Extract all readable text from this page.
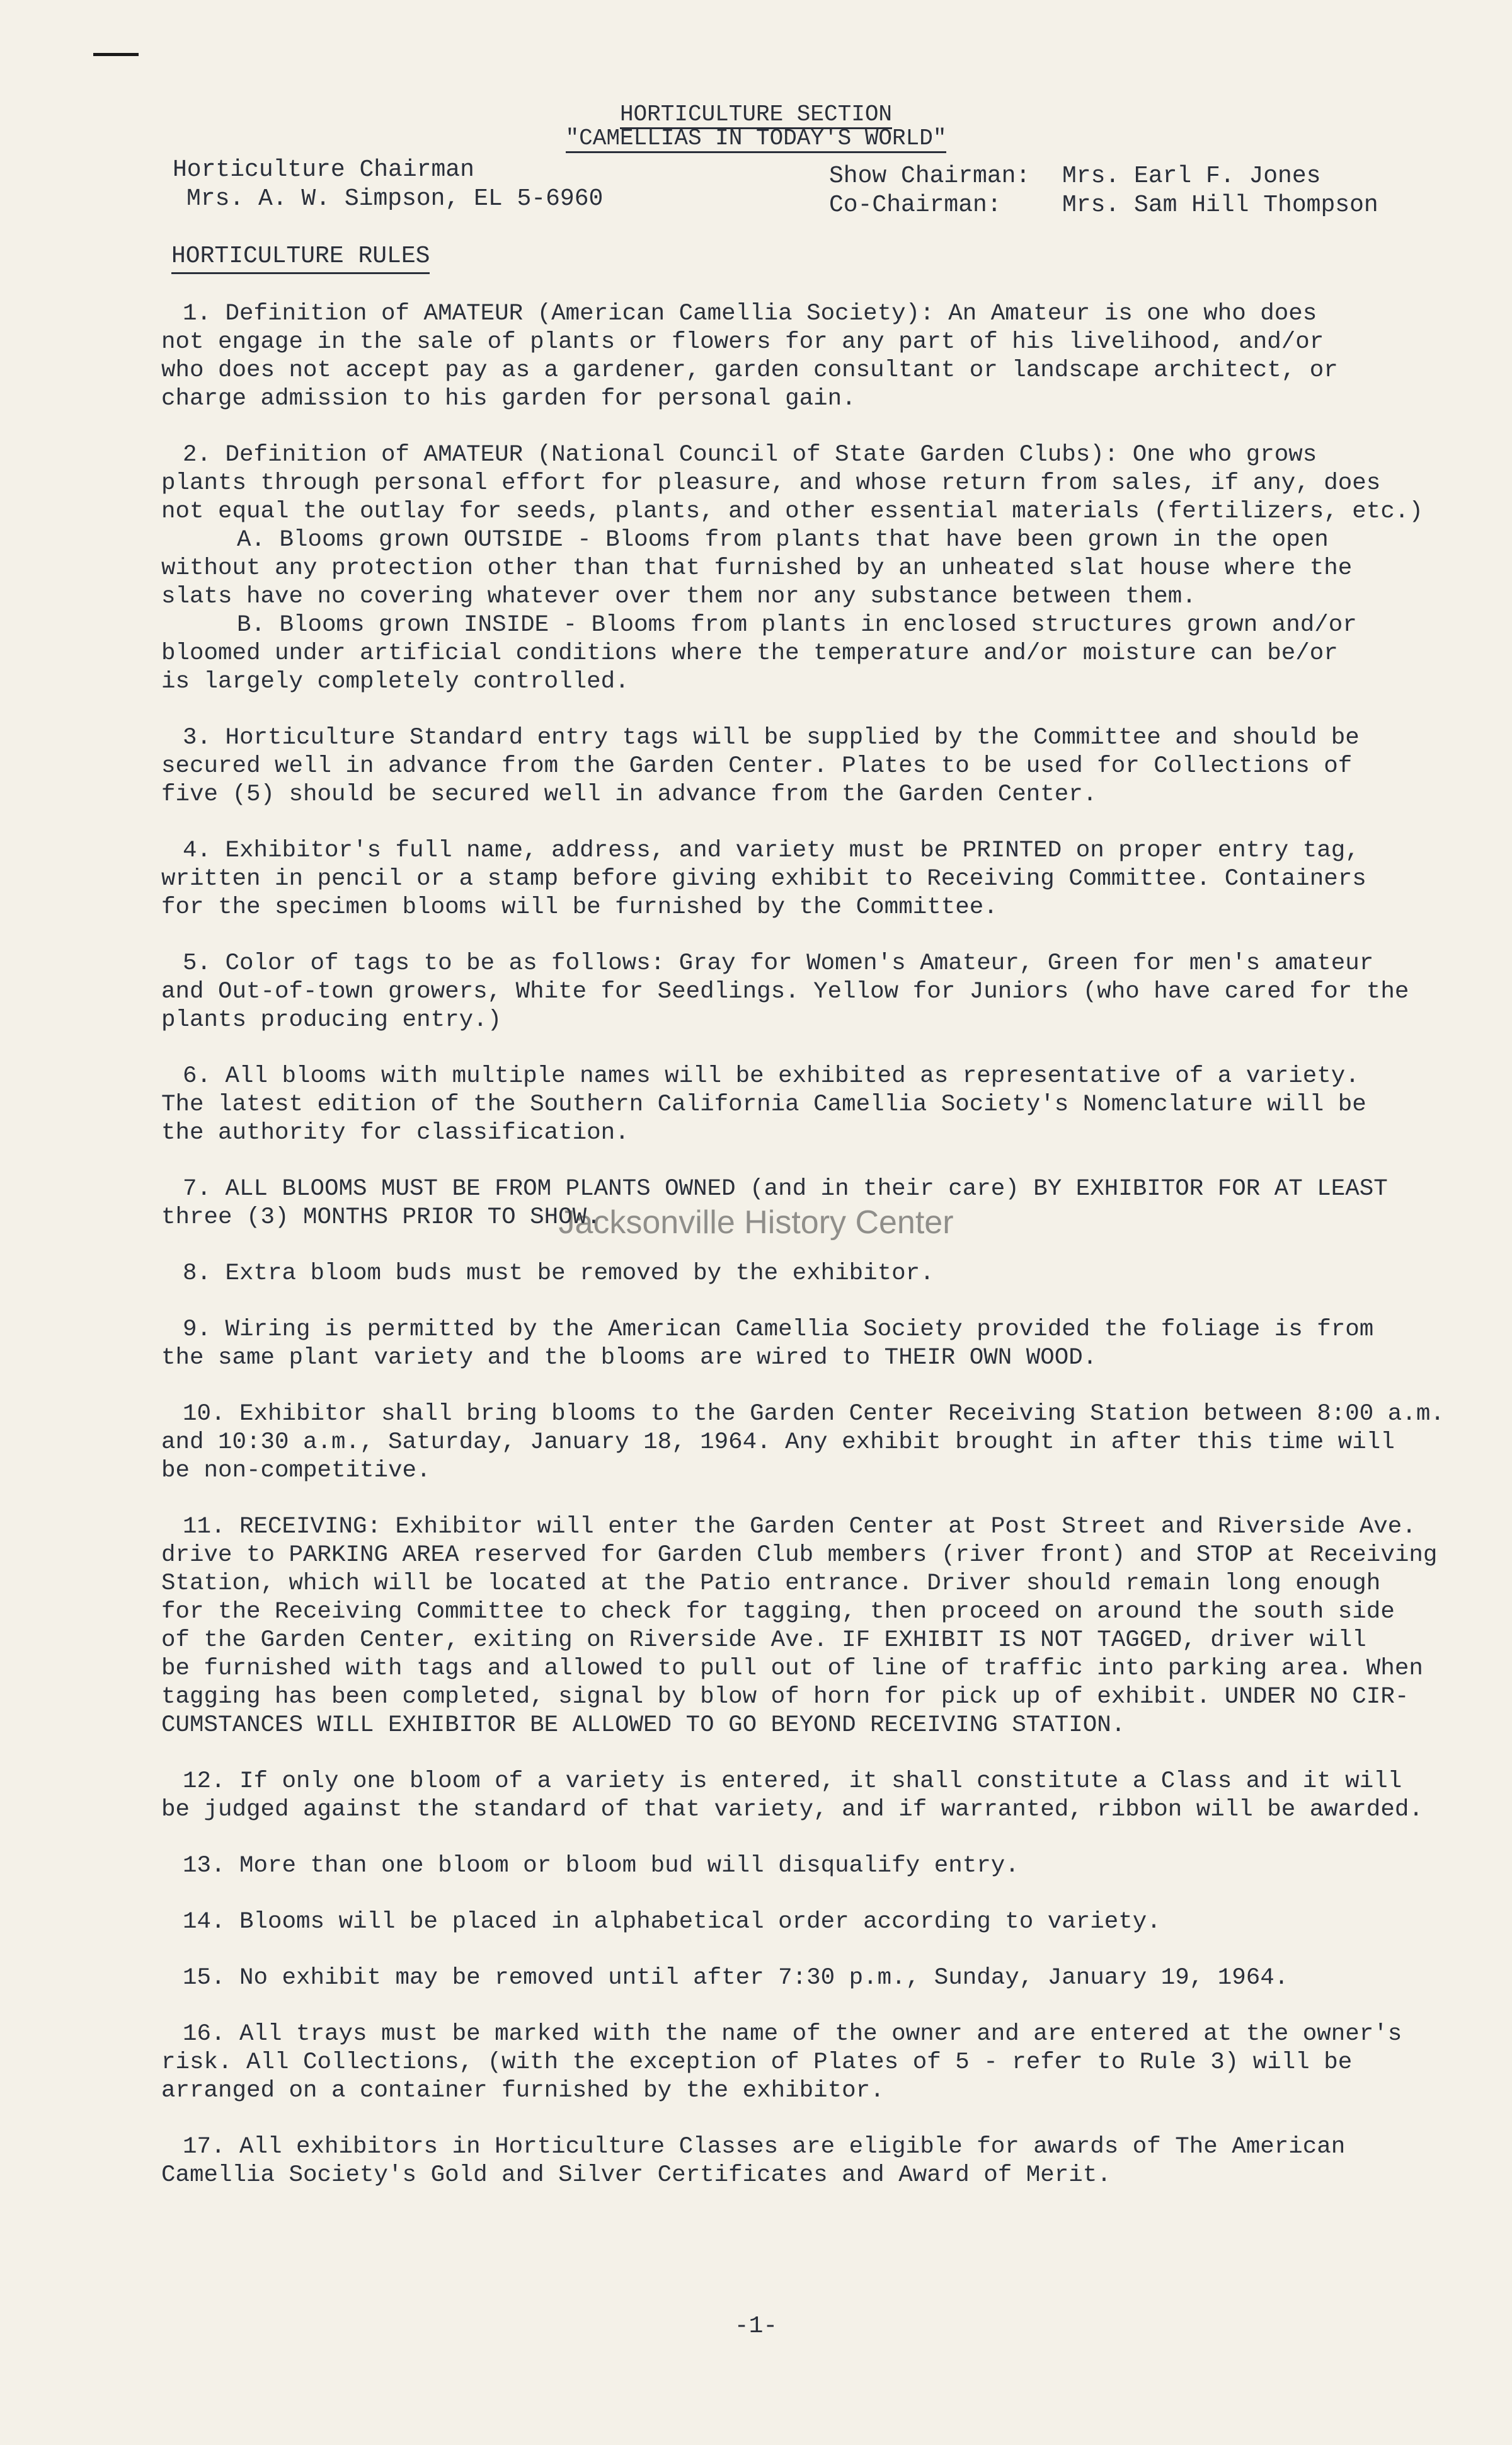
HORTICULTURE SECTION
"CAMELLIAS IN TODAY'S WORLD"
Horticulture Chairman
Mrs. A. W. Simpson, EL 5-6960
Show Chairman: Mrs. Earl F. Jones
Co-Chairman:	Mrs. Sam Hill Thompson
HORTICULTURE RULES
1. Definition of AMATEUR (American Camellia Society): An Amateur is one who does
not engage in the sale of plants or flowers for any part of his livelihood, and/or
who does not accept pay as a gardener, garden consultant or landscape architect, or
charge admission to his garden for personal gain.
2. Definition of AMATEUR (National Council of State Garden Clubs): One who grows
plants through personal effort for pleasure, and whose return from sales, if any, does
not equal the outlay for seeds, plants, and other essential materials (fertilizers, etc.)
A. Blooms grown OUTSIDE - Blooms from plants that have been grown in the open
without any protection other than that furnished by an unheated slat house where the
slats have no covering whatever over them nor any substance between them.
B. Blooms grown INSIDE - Blooms from plants in enclosed structures grown and/or
bloomed under artificial conditions where the temperature and/or moisture can be/or
is largely completely controlled.
3. Horticulture Standard entry tags will be supplied by the Committee and should be
secured well in advance from the Garden Center. Plates to be used for Collections of
five (5) should be secured well in advance from the Garden Center.
4. Exhibitor's full name, address, and variety must be PRINTED on proper entry tag,
written in pencil or a stamp before giving exhibit to Receiving Committee. Containers
for the specimen blooms will be furnished by the Committee.
5. Color of tags to be as follows: Gray for Women's Amateur, Green for men's amateur
and Out-of-town growers, White for Seedlings. Yellow for Juniors (who have cared for the
plants producing entry.)
6. All blooms with multiple names will be exhibited as representative of a variety.
The latest edition of the Southern California Camellia Society's Nomenclature will be
the authority for classification.
7. ALL BLOOMS MUST BE FROM PLANTS OWNED (and in their care) BY EXHIBITOR FOR AT LEAST
three (3) MONTHS PRIOR TO SHOW.
8. Extra bloom buds must be removed by the exhibitor.
9. Wiring is permitted by the American Camellia Society provided the foliage is from
the same plant variety and the blooms are wired to THEIR OWN WOOD.
10. Exhibitor shall bring blooms to the Garden Center Receiving Station between 8:00 a.m.
and 10:30 a.m., Saturday, January 18, 1964. Any exhibit brought in after this time will
be non-competitive.
11. RECEIVING: Exhibitor will enter the Garden Center at Post Street and Riverside Ave.
drive to PARKING AREA reserved for Garden Club members (river front) and STOP at Receiving
Station, which will be located at the Patio entrance. Driver should remain long enough
for the Receiving Committee to check for tagging, then proceed on around the south side
of the Garden Center, exiting on Riverside Ave. IF EXHIBIT IS NOT TAGGED, driver will
be furnished with tags and allowed to pull out of line of traffic into parking area. When
tagging has been completed, signal by blow of horn for pick up of exhibit. UNDER NO CIR-
CUMSTANCES WILL EXHIBITOR BE ALLOWED TO GO BEYOND RECEIVING STATION.
12. If only one bloom of a variety is entered, it shall constitute a Class and it will
be judged against the standard of that variety, and if warranted, ribbon will be awarded.
13. More than one bloom or bloom bud will disqualify entry.
14. Blooms will be placed in alphabetical order according to variety.
15. No exhibit may be removed until after 7:30 p.m., Sunday, January 19, 1964.
16. All trays must be marked with the name of the owner and are entered at the owner's
risk. All Collections, (with the exception of Plates of 5 - refer to Rule 3) will be
arranged on a container furnished by the exhibitor.
17. All exhibitors in Horticulture Classes are eligible for awards of The American
Camellia Society's Gold and Silver Certificates and Award of Merit.
Jacksonville History Center
-1-
